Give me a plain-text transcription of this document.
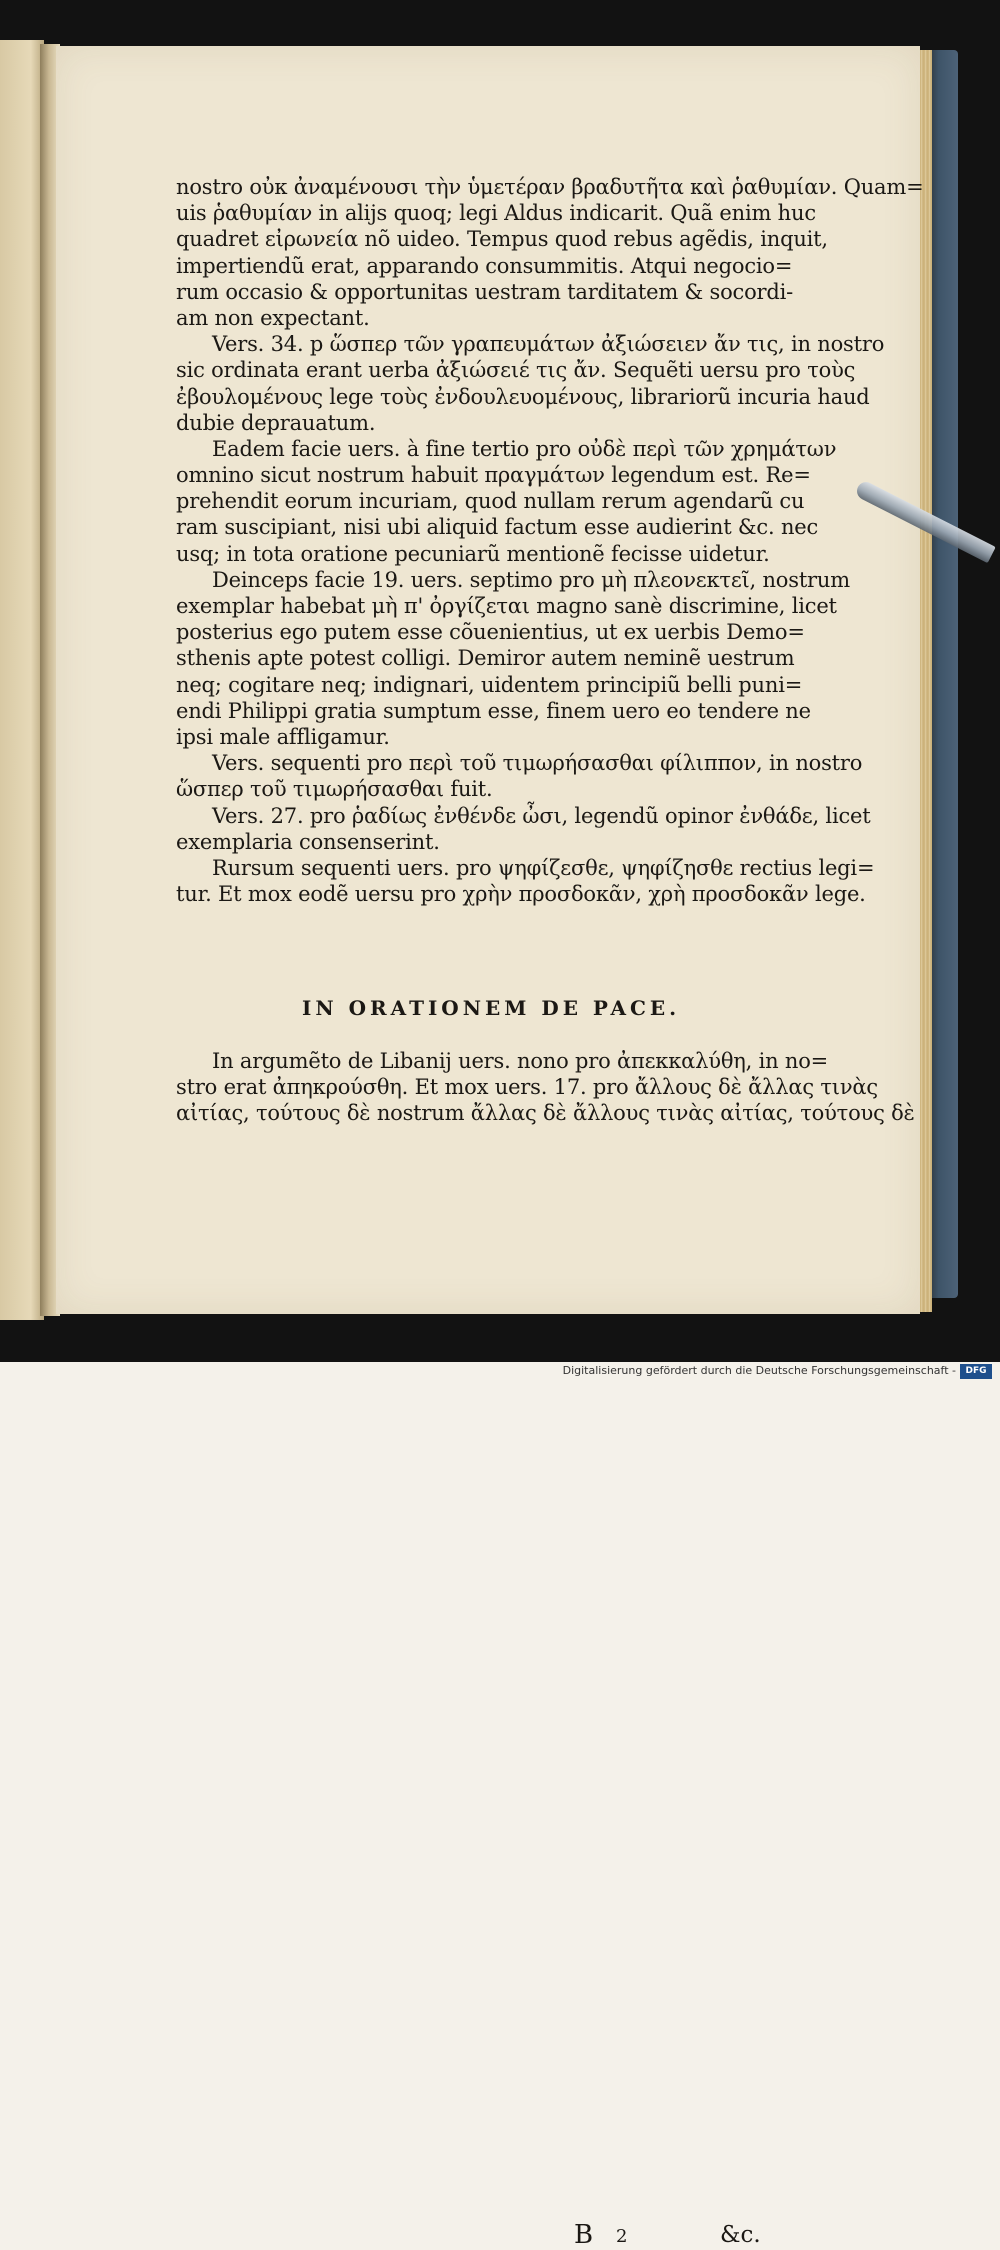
nostro οὐκ ἀναμένουσι τὴν ὑμετέραν βραδυτῆτα καὶ ῥαθυμίαν. Quam=
uis ῥαθυμίαν in alijs quoq; legi Aldus indicarit. Quã enim huc
quadret εἰρωνεία nõ uideo. Tempus quod rebus agẽdis, inquit,
impertiendũ erat, apparando consummitis. Atqui negocio=
rum occasio & opportunitas uestram tarditatem & socordi-
am non expectant.
Vers. 34. p ὥσπερ τῶν γραπευμάτων ἀξιώσειεν ἄν τις, in nostro
sic ordinata erant uerba ἀξιώσειέ τις ἄν. Sequẽti uersu pro τοὺς
ἐβουλομένους lege τοὺς ἐνδουλευομένους, librariorũ incuria haud
dubie deprauatum.
Eadem facie uers. à fine tertio pro οὐδὲ περὶ τῶν χρημάτων
omnino sicut nostrum habuit πραγμάτων legendum est. Re=
prehendit eorum incuriam, quod nullam rerum agendarũ cu
ram suscipiant, nisi ubi aliquid factum esse audierint &c. nec
usq; in tota oratione pecuniarũ mentionẽ fecisse uidetur.
Deinceps facie 19. uers. septimo pro μὴ πλεονεκτεῖ, nostrum
exemplar habebat μὴ π' ὀργίζεται magno sanè discrimine, licet
posterius ego putem esse cõuenientius, ut ex uerbis Demo=
sthenis apte potest colligi. Demiror autem neminẽ uestrum
neq; cogitare neq; indignari, uidentem principiũ belli puni=
endi Philippi gratia sumptum esse, finem uero eo tendere ne
ipsi male affligamur.
Vers. sequenti pro περὶ τοῦ τιμωρήσασθαι φίλιππον, in nostro
ὥσπερ τοῦ τιμωρήσασθαι fuit.
Vers. 27. pro ῥαδίως ἐνθένδε ὦσι, legendũ opinor ἐνθάδε, licet
exemplaria consenserint.
Rursum sequenti uers. pro ψηφίζεσθε, ψηφίζησθε rectius legi=
tur. Et mox eodẽ uersu pro χρὴν προσδοκᾶν, χρὴ προσδοκᾶν lege.
IN ORATIONEM DE PACE.
In argumẽto de Libanij uers. nono pro ἀπεκκαλύθη, in no=
stro erat ἀπηκρούσθη. Et mox uers. 17. pro ἄλλους δὲ ἄλλας τινὰς
αἰτίας, τούτους δὲ nostrum ἄλλας δὲ ἄλλους τινὰς αἰτίας, τούτους δὲ
B 2	&c.
Digitalisierung gefördert durch die Deutsche Forschungsgemeinschaft -	DFG
